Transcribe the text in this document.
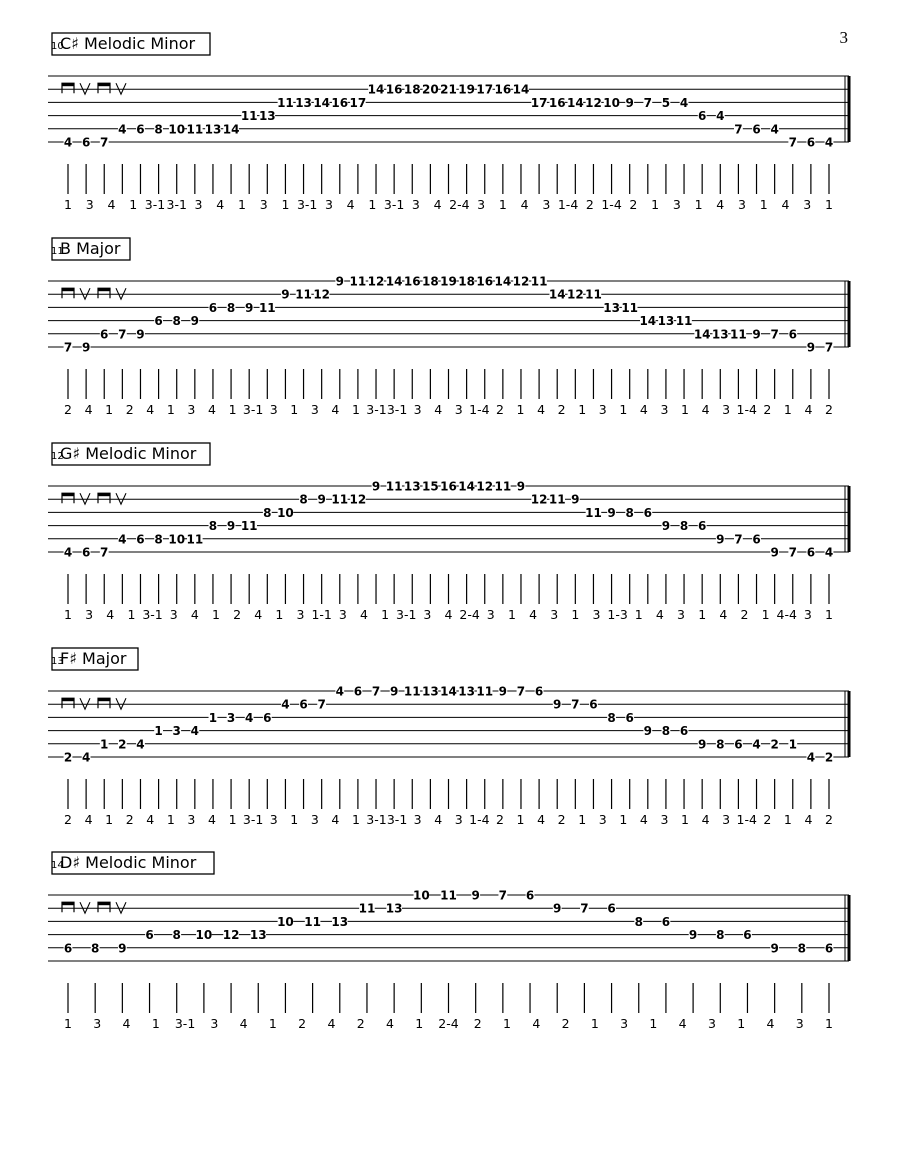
3
10
C♯ Melodic Minor
4 6 7
4 6 8 10 11 13 14
11 13
11 13 14 16 17
14 16 18 20 21 19 17 16 14
17 16 14 12 10 9 7 5 4
6 4
7 6 4
7 6 4
1 3 4 1 3-1 3-1 3 4 1 3 1 3-1 3 4 1 3-1 3 4 2-4 3 1 4 3 1-4 2 1-4 2 1 3 1 4 3 1 4 3 1
11
B Major
7 9
6 7 9
6 8 9
6 8 9 11
9 11 12
9 11 12 14 16 18 19 18 16 14 12 11
14 12 11
13 11
14 13 11
14 13 11 9 7 6
9 7
2 4 1 2 4 1 3 4 1 3-1 3 1 3 4 1 3-1 3-1 3 4 3 1-4 2 1 4 2 1 3 1 4 3 1 4 3 1-4 2 1 4 2
12
G♯ Melodic Minor
4 6 7
4 6 8 10 11
8 9 11
8 10
8 9 11 12
9 11 13 15 16 14 12 11 9
12 11 9
11 9 8 6
9 8 6
9 7 6
9 7 6 4
1 3 4 1 3-1 3 4 1 2 4 1 3 1-1 3 4 1 3-1 3 4 2-4 3 1 4 3 1 3 1-3 1 4 3 1 4 2 1 4-4 3 1
13
F♯ Major
2 4
1 2 4
1 3 4
1 3 4 6
4 6 7
4 6 7 9 11 13 14 13 11 9 7 6
9 7 6
8 6
9 8 6
9 8 6 4 2 1
4 2
2 4 1 2 4 1 3 4 1 3-1 3 1 3 4 1 3-1 3-1 3 4 3 1-4 2 1 4 2 1 3 1 4 3 1 4 3 1-4 2 1 4 2
14
D♯ Melodic Minor
6 8 9
6 8 10 12 13
10 11 13
11 13
10 11 9 7 6
9 7 6
8 6
9 8 6
9 8 6
1 3 4 1 3-1 3 4 1 2 4 2 4 1 2-4 2 1 4 2 1 3 1 4 3 1 4 3 1
